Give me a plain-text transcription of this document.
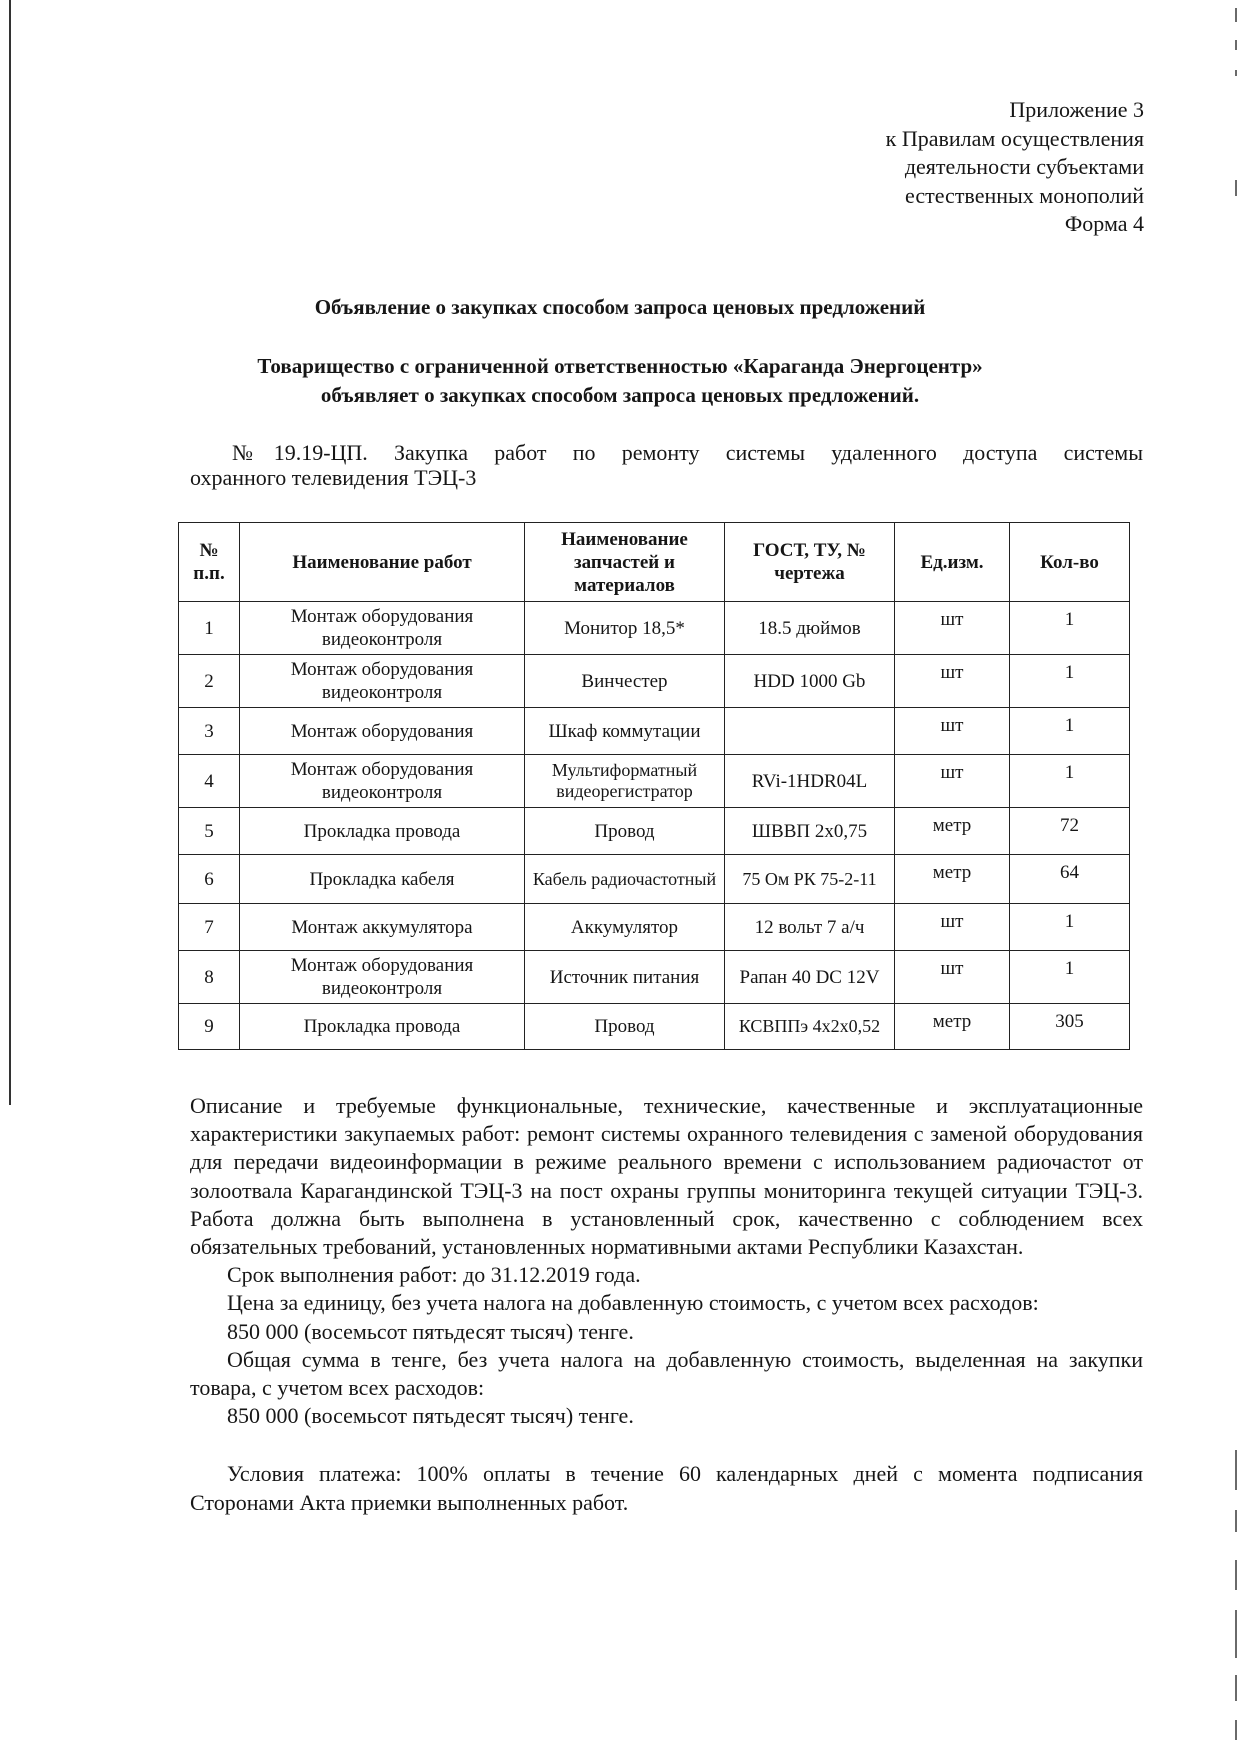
Приложение 3
к Правилам осуществления
деятельности субъектами
естественных монополий
Форма 4
Объявление о закупках способом запроса ценовых предложений
Товарищество с ограниченной ответственностью «Караганда Энергоцентр»
объявляет о закупках способом запроса ценовых предложений.
№19.19-ЦП. Закупка работ по ремонту системы удаленного доступа системы
охранного телевидения ТЭЦ-3
№ п.п.	Наименование работ	Наименование запчастей и материалов	ГОСТ, ТУ, № чертежа	Ед.изм.	Кол-во
1	Монтаж оборудования видеоконтроля	Монитор 18,5*	18.5 дюймов	шт	1
2	Монтаж оборудования видеоконтроля	Винчестер	HDD 1000 Gb	шт	1
3	Монтаж оборудования	Шкаф коммутации		шт	1
4	Монтаж оборудования видеоконтроля	Мультиформатный видеорегистратор	RVi-1HDR04L	шт	1
5	Прокладка провода	Провод	ШВВП 2х0,75	метр	72
6	Прокладка кабеля	Кабель радиочастотный	75 Ом РК 75-2-11	метр	64
7	Монтаж аккумулятора	Аккумулятор	12 вольт 7 а/ч	шт	1
8	Монтаж оборудования видеоконтроля	Источник питания	Рапан 40 DC 12V	шт	1
9	Прокладка провода	Провод	КСВППэ 4х2х0,52	метр	305

Описание и требуемые функциональные, технические, качественные и эксплуатационные характеристики закупаемых работ: ремонт системы охранного телевидения с заменой оборудования для передачи видеоинформации в режиме реального времени с использованием радиочастот от золоотвала Карагандинской ТЭЦ-3 на пост охраны группы мониторинга текущей ситуации ТЭЦ-3. Работа должна быть выполнена в установленный срок, качественно с соблюдением всех обязательных требований, установленных нормативными актами Республики Казахстан.

Срок выполнения работ: до 31.12.2019 года.

Цена за единицу, без учета налога на добавленную стоимость, с учетом всех расходов:

850 000 (восемьсот пятьдесят тысяч) тенге.

Общая сумма в тенге, без учета налога на добавленную стоимость, выделенная на закупки товара, с учетом всех расходов:

850 000 (восемьсот пятьдесят тысяч) тенге.

Условия платежа: 100% оплаты в течение 60 календарных дней с момента подписания Сторонами Акта приемки выполненных работ.
